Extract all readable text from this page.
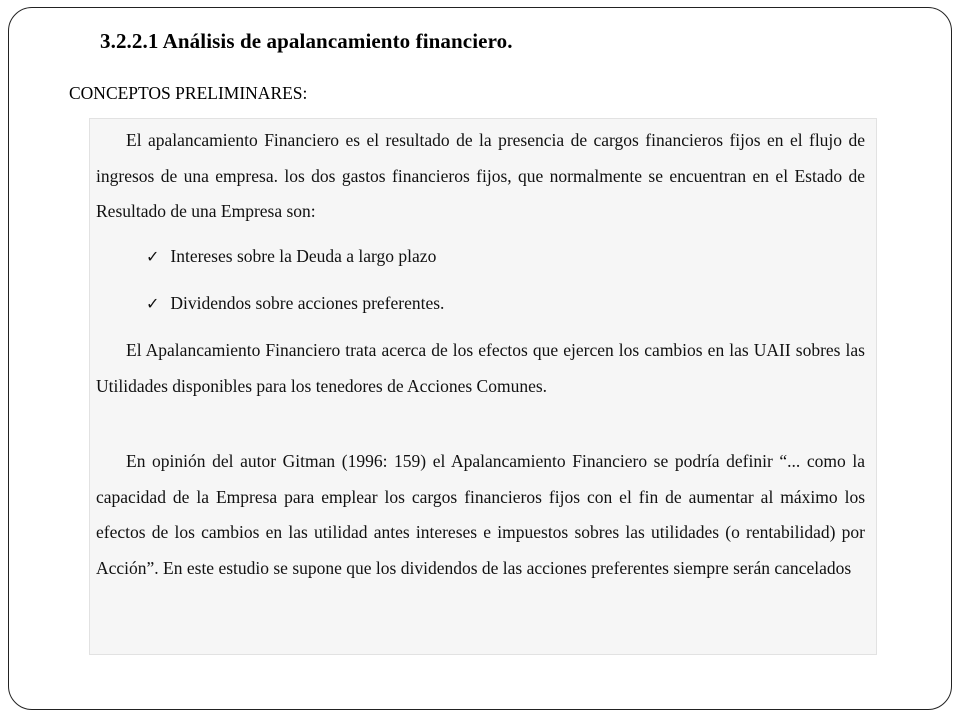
3.2.2.1 Análisis de apalancamiento financiero.
CONCEPTOS PRELIMINARES:

El apalancamiento Financiero es el resultado de la presencia de cargos financieros fijos en el flujo de ingresos de una empresa. los dos gastos financieros fijos, que normalmente se encuentran en el Estado de Resultado de una Empresa son:

✓ Intereses sobre la Deuda a largo plazo
✓ Dividendos sobre acciones preferentes.

El Apalancamiento Financiero trata acerca de los efectos que ejercen los cambios en las UAII sobres las Utilidades disponibles para los tenedores de Acciones Comunes.

En opinión del autor Gitman (1996: 159) el Apalancamiento Financiero se podría definir “... como la capacidad de la Empresa para emplear los cargos financieros fijos con el fin de aumentar al máximo los efectos de los cambios en las utilidad antes intereses e impuestos sobres las utilidades (o rentabilidad) por Acción”. En este estudio se supone que los dividendos de las acciones preferentes siempre serán cancelados
